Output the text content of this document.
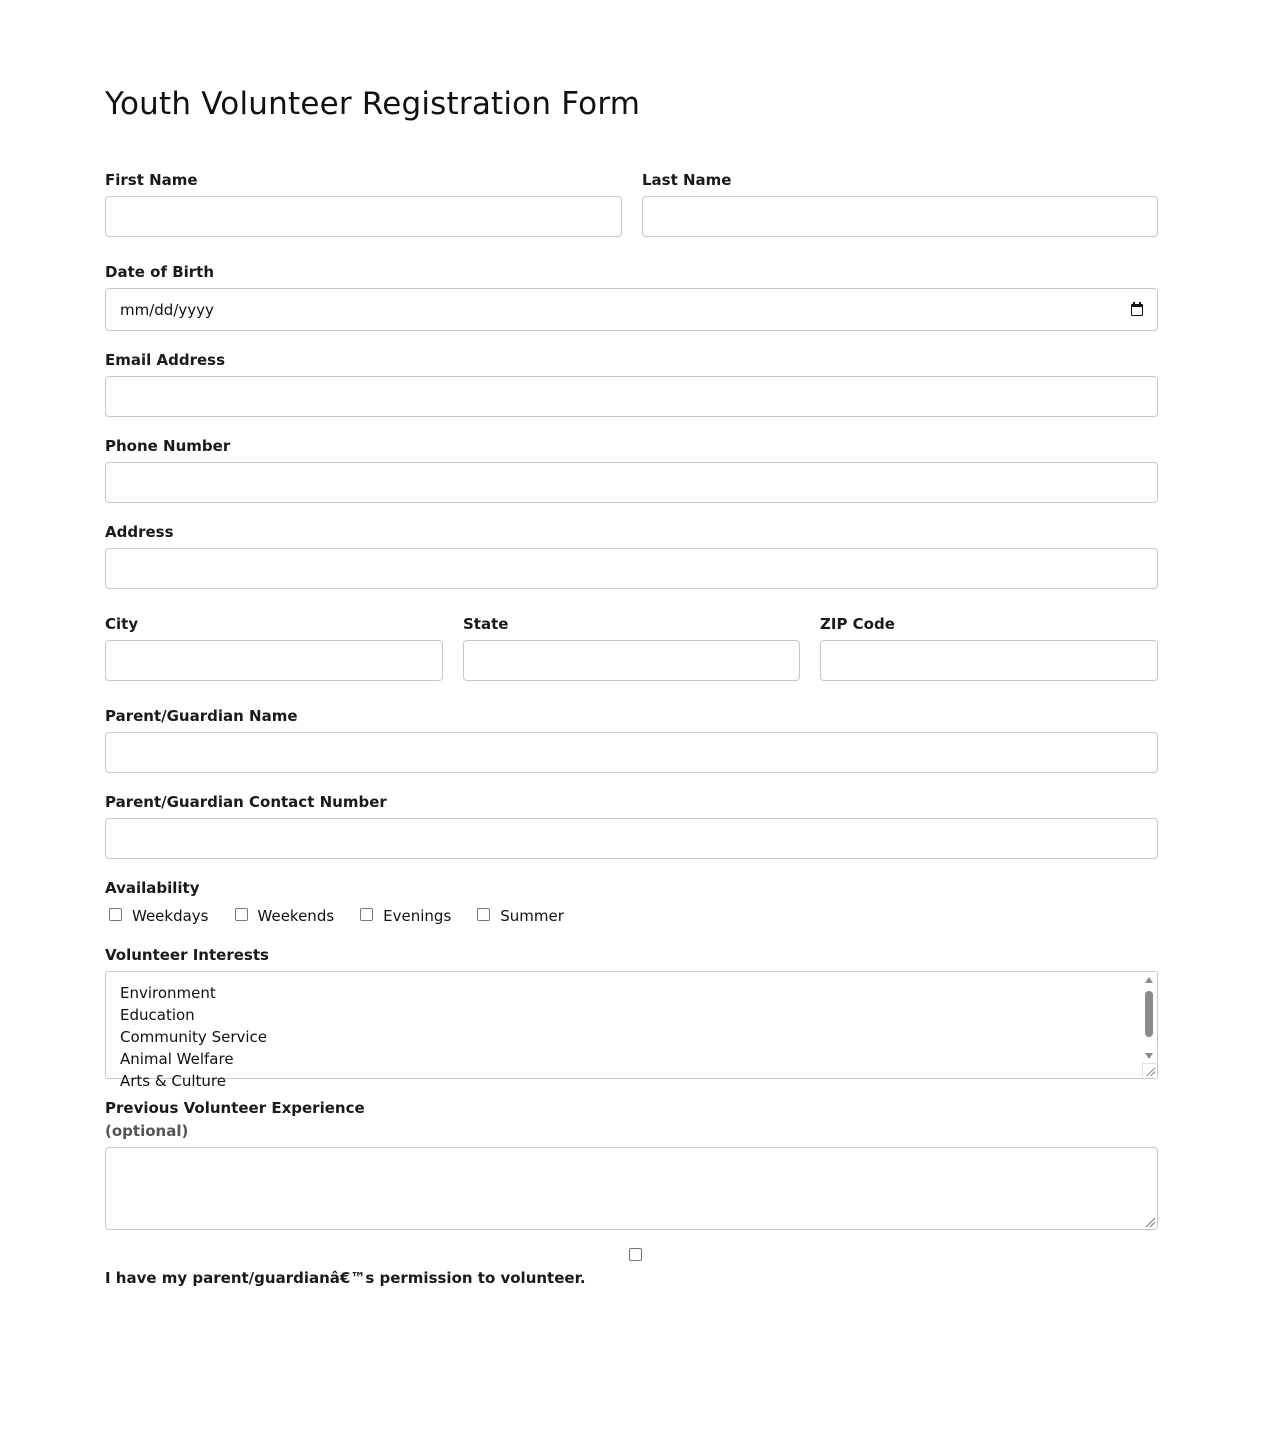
Youth Volunteer Registration Form
First Name	Last Name
Date of Birth
mm/dd/yyyy
Email Address
Phone Number
Address
City	State	ZIP Code
Parent/Guardian Name
Parent/Guardian Contact Number
Availability
Weekdays	Weekends	Evenings	Summer
Volunteer Interests
Environment
Education
Community Service
Animal Welfare
Arts & Culture
Previous Volunteer Experience
(optional)
I have my parent/guardianâ€™s permission to volunteer.
